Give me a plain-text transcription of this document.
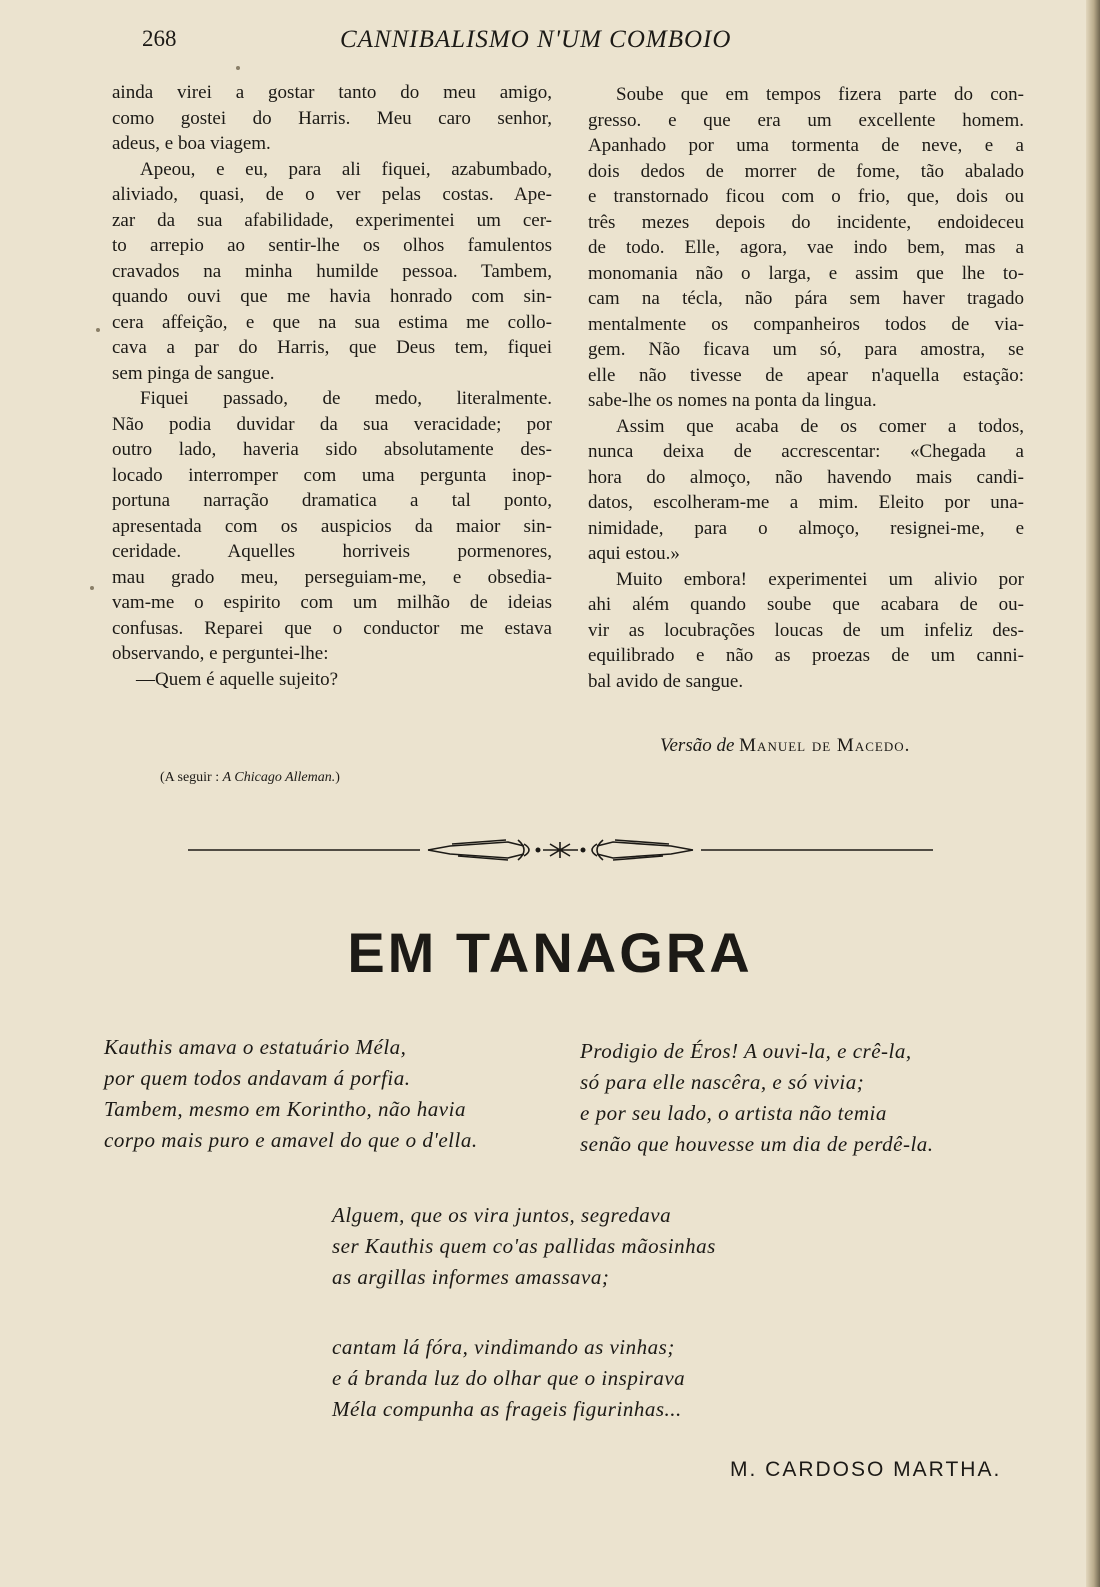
268	CANNIBALISMO N'UM COMBOIO
ainda virei a gostar tanto do meu amigo,
como gostei do Harris. Meu caro senhor,
adeus, e boa viagem.
Apeou, e eu, para ali fiquei, azabumbado,
aliviado, quasi, de o ver pelas costas. Ape-
zar da sua afabilidade, experimentei um cer-
to arrepio ao sentir-lhe os olhos famulentos
cravados na minha humilde pessoa. Tambem,
quando ouvi que me havia honrado com sin-
cera affeição, e que na sua estima me collo-
cava a par do Harris, que Deus tem, fiquei
sem pinga de sangue.
Fiquei passado, de medo, literalmente.
Não podia duvidar da sua veracidade; por
outro lado, haveria sido absolutamente des-
locado interromper com uma pergunta inop-
portuna narração dramatica a tal ponto,
apresentada com os auspicios da maior sin-
ceridade. Aquelles horriveis pormenores,
mau grado meu, perseguiam-me, e obsedia-
vam-me o espirito com um milhão de ideias
confusas. Reparei que o conductor me estava
observando, e perguntei-lhe:
—Quem é aquelle sujeito?
Soube que em tempos fizera parte do con-
gresso. e que era um excellente homem.
Apanhado por uma tormenta de neve, e a
dois dedos de morrer de fome, tão abalado
e transtornado ficou com o frio, que, dois ou
três mezes depois do incidente, endoideceu
de todo. Elle, agora, vae indo bem, mas a
monomania não o larga, e assim que lhe to-
cam na técla, não pára sem haver tragado
mentalmente os companheiros todos de via-
gem. Não ficava um só, para amostra, se
elle não tivesse de apear n'aquella estação:
sabe-lhe os nomes na ponta da lingua.
Assim que acaba de os comer a todos,
nunca deixa de accrescentar: «Chegada a
hora do almoço, não havendo mais candi-
datos, escolheram-me a mim. Eleito por una-
nimidade, para o almoço, resignei-me, e
aqui estou.»
Muito embora! experimentei um alivio por
ahi além quando soube que acabara de ou-
vir as locubrações loucas de um infeliz des-
equilibrado e não as proezas de um canni-
bal avido de sangue.
(A seguir : A Chicago Alleman.)
Versão de Manuel de Macedo.
EM TANAGRA
Kauthis amava o estatuário Méla,
por quem todos andavam á porfia.
Tambem, mesmo em Korintho, não havia
corpo mais puro e amavel do que o d'ella.
Prodigio de Éros! A ouvi-la, e crê-la,
só para elle nascêra, e só vivia;
e por seu lado, o artista não temia
senão que houvesse um dia de perdê-la.
Alguem, que os vira juntos, segredava
ser Kauthis quem co'as pallidas mãosinhas
as argillas informes amassava;
cantam lá fóra, vindimando as vinhas;
e á branda luz do olhar que o inspirava
Méla compunha as frageis figurinhas...
M. CARDOSO MARTHA.
